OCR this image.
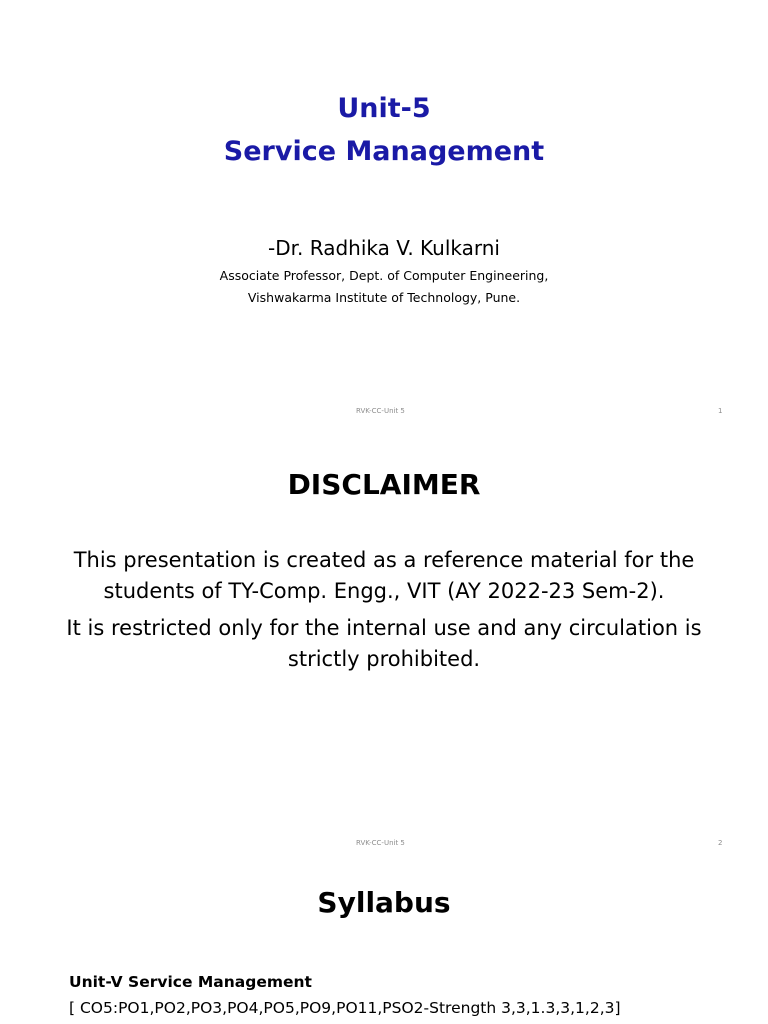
Unit-5
Service Management
-Dr. Radhika V. Kulkarni
Associate Professor, Dept. of Computer Engineering,
Vishwakarma Institute of Technology, Pune.
RVK-CC-Unit 5	1
DISCLAIMER
This presentation is created as a reference material for the
students of TY-Comp. Engg., VIT (AY 2022-23 Sem-2).
It is restricted only for the internal use and any circulation is
strictly prohibited.
RVK-CC-Unit 5	2
Syllabus
Unit-V Service Management
[ CO5:PO1,PO2,PO3,PO4,PO5,PO9,PO11,PSO2-Strength 3,3,1.3,3,1,2,3]
